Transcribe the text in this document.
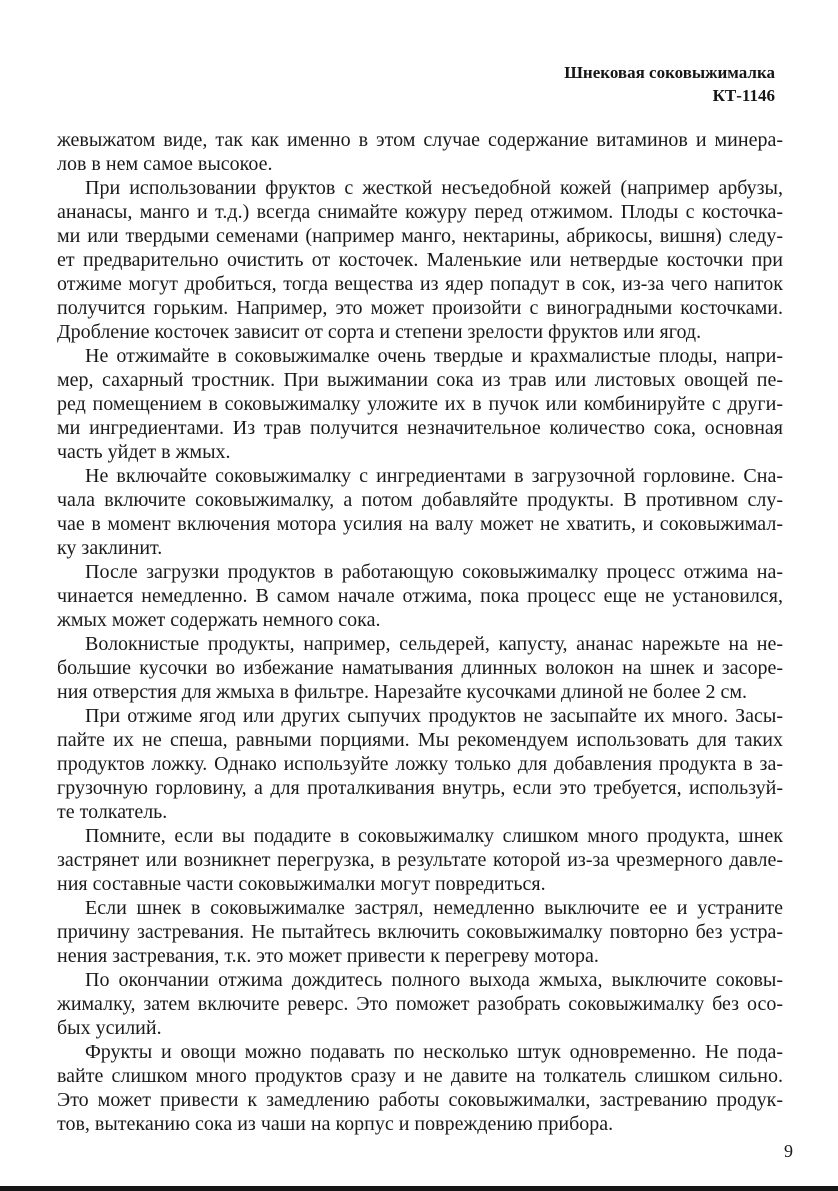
Шнековая соковыжималка
КТ-1146

жевыжатом виде, так как именно в этом случае содержание витаминов и минера-
лов в нем самое высокое.

При использовании фруктов с жесткой несъедобной кожей (например арбузы,
ананасы, манго и т.д.) всегда снимайте кожуру перед отжимом. Плоды с косточка-
ми или твердыми семенами (например манго, нектарины, абрикосы, вишня) следу-
ет предварительно очистить от косточек. Маленькие или нетвердые косточки при
отжиме могут дробиться, тогда вещества из ядер попадут в сок, из-за чего напиток
получится горьким. Например, это может произойти с виноградными косточками.
Дробление косточек зависит от сорта и степени зрелости фруктов или ягод.

Не отжимайте в соковыжималке очень твердые и крахмалистые плоды, напри-
мер, сахарный тростник. При выжимании сока из трав или листовых овощей пе-
ред помещением в соковыжималку уложите их в пучок или комбинируйте с други-
ми ингредиентами. Из трав получится незначительное количество сока, основная
часть уйдет в жмых.

Не включайте соковыжималку с ингредиентами в загрузочной горловине. Сна-
чала включите соковыжималку, а потом добавляйте продукты. В противном слу-
чае в момент включения мотора усилия на валу может не хватить, и соковыжимал-
ку заклинит.

После загрузки продуктов в работающую соковыжималку процесс отжима на-
чинается немедленно. В самом начале отжима, пока процесс еще не установился,
жмых может содержать немного сока.

Волокнистые продукты, например, сельдерей, капусту, ананас нарежьте на не-
большие кусочки во избежание наматывания длинных волокон на шнек и засоре-
ния отверстия для жмыха в фильтре. Нарезайте кусочками длиной не более 2 см.

При отжиме ягод или других сыпучих продуктов не засыпайте их много. Засы-
пайте их не спеша, равными порциями. Мы рекомендуем использовать для таких
продуктов ложку. Однако используйте ложку только для добавления продукта в за-
грузочную горловину, а для проталкивания внутрь, если это требуется, используй-
те толкатель.

Помните, если вы подадите в соковыжималку слишком много продукта, шнек
застрянет или возникнет перегрузка, в результате которой из-за чрезмерного давле-
ния составные части соковыжималки могут повредиться.

Если шнек в соковыжималке застрял, немедленно выключите ее и устраните
причину застревания. Не пытайтесь включить соковыжималку повторно без устра-
нения застревания, т.к. это может привести к перегреву мотора.

По окончании отжима дождитесь полного выхода жмыха, выключите соковы-
жималку, затем включите реверс. Это поможет разобрать соковыжималку без осо-
бых усилий.

Фрукты и овощи можно подавать по несколько штук одновременно. Не пода-
вайте слишком много продуктов сразу и не давите на толкатель слишком сильно.
Это может привести к замедлению работы соковыжималки, застреванию продук-
тов, вытеканию сока из чаши на корпус и повреждению прибора.

9
